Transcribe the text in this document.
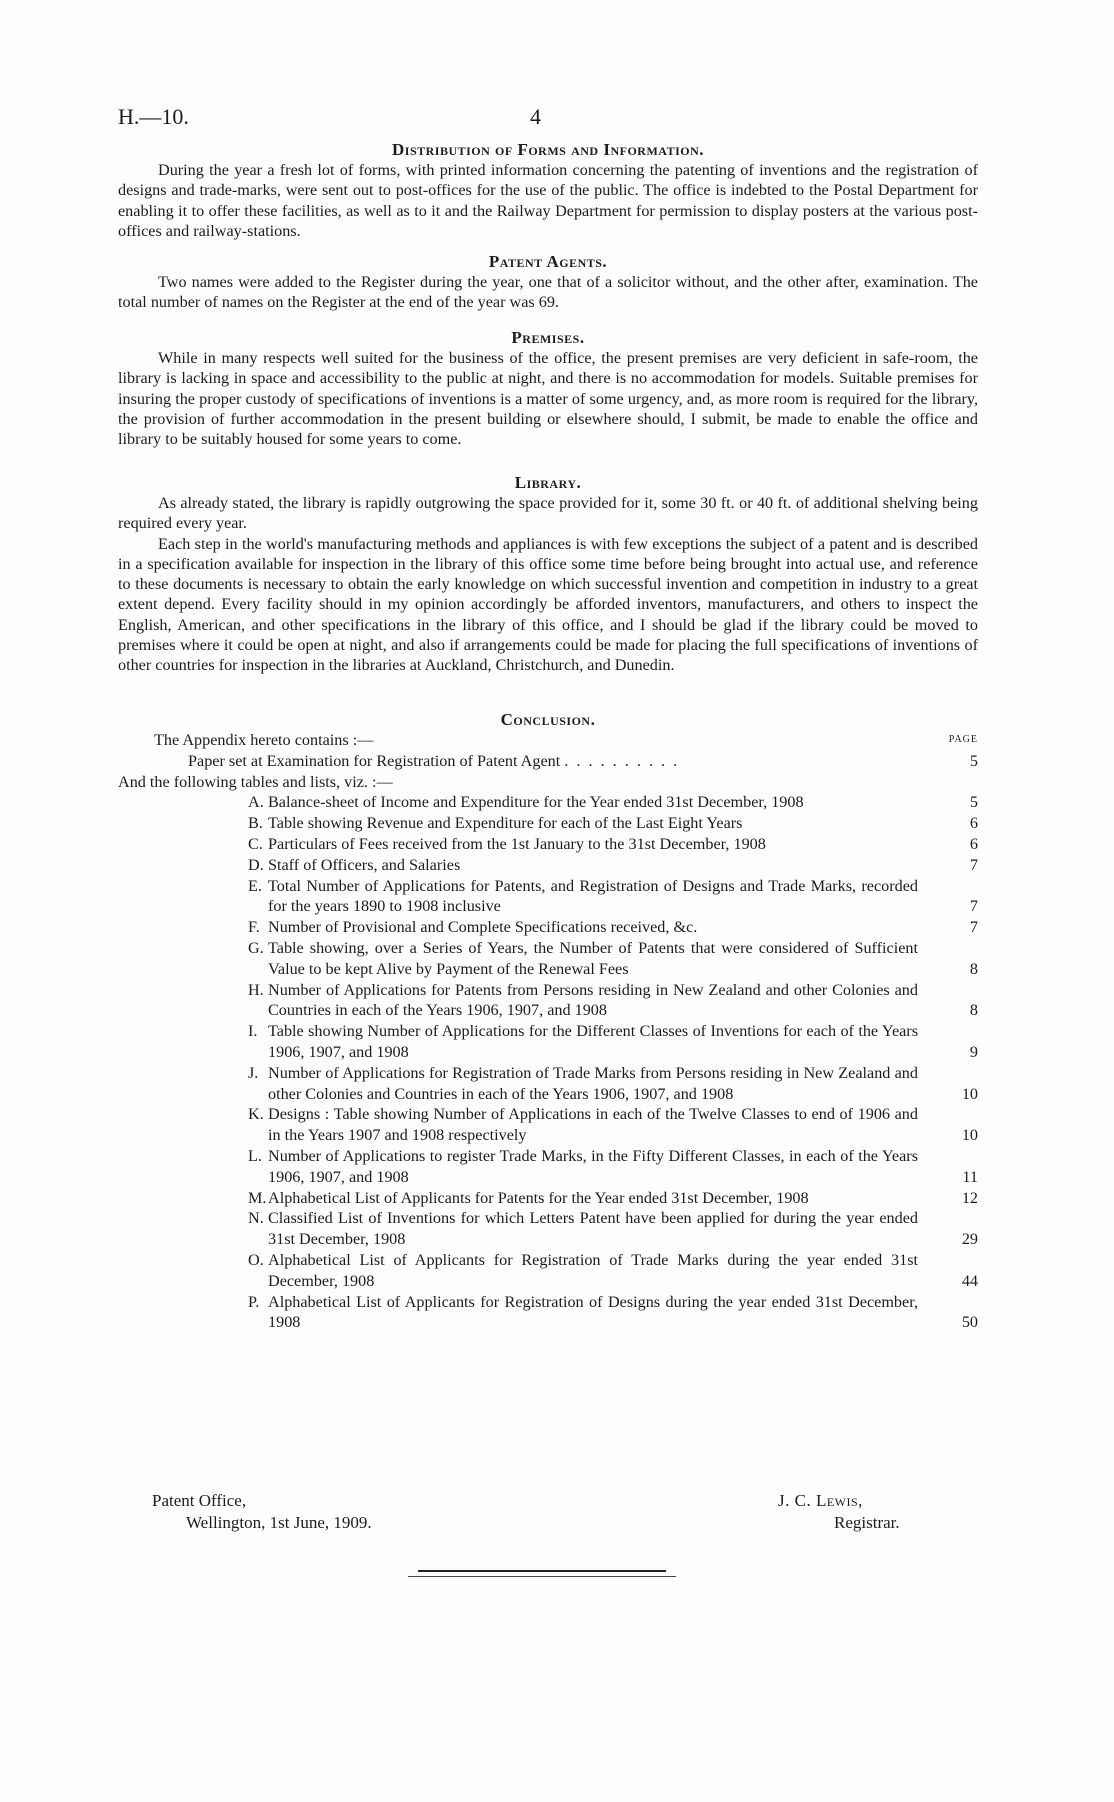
H.—10.	4
Distribution of Forms and Information.

During the year a fresh lot of forms, with printed information concerning the patenting of inventions and the registration of designs and trade-marks, were sent out to post-offices for the use of the public. The office is indebted to the Postal Department for enabling it to offer these facilities, as well as to it and the Railway Department for permission to display posters at the various post-offices and railway-stations.

Patent Agents.

Two names were added to the Register during the year, one that of a solicitor without, and the other after, examination. The total number of names on the Register at the end of the year was 69.

Premises.

While in many respects well suited for the business of the office, the present premises are very deficient in safe-room, the library is lacking in space and accessibility to the public at night, and there is no accommodation for models. Suitable premises for insuring the proper custody of specifications of inventions is a matter of some urgency, and, as more room is required for the library, the provision of further accommodation in the present building or elsewhere should, I submit, be made to enable the office and library to be suitably housed for some years to come.

Library.

As already stated, the library is rapidly outgrowing the space provided for it, some 30 ft. or 40 ft. of additional shelving being required every year.

Each step in the world's manufacturing methods and appliances is with few exceptions the subject of a patent and is described in a specification available for inspection in the library of this office some time before being brought into actual use, and reference to these documents is necessary to obtain the early knowledge on which successful invention and competition in industry to a great extent depend. Every facility should in my opinion accordingly be afforded inventors, manufacturers, and others to inspect the English, American, and other specifications in the library of this office, and I should be glad if the library could be moved to premises where it could be open at night, and also if arrangements could be made for placing the full specifications of inventions of other countries for inspection in the libraries at Auckland, Christchurch, and Dunedin.

Conclusion.
The Appendix hereto contains :—	PAGE
Paper set at Examination for Registration of Patent Agent . . . . . . . . . .	5
And the following tables and lists, viz. :—
A. Balance-sheet of Income and Expenditure for the Year ended 31st December, 1908	5
B. Table showing Revenue and Expenditure for each of the Last Eight Years	6
C. Particulars of Fees received from the 1st January to the 31st December, 1908	6
D. Staff of Officers, and Salaries	7
E. Total Number of Applications for Patents, and Registration of Designs and Trade Marks, recorded for the years 1890 to 1908 inclusive	7
F. Number of Provisional and Complete Specifications received, &c.	7
G. Table showing, over a Series of Years, the Number of Patents that were considered of Sufficient Value to be kept Alive by Payment of the Renewal Fees	8
H. Number of Applications for Patents from Persons residing in New Zealand and other Colonies and Countries in each of the Years 1906, 1907, and 1908	8
I. Table showing Number of Applications for the Different Classes of Inventions for each of the Years 1906, 1907, and 1908	9
J. Number of Applications for Registration of Trade Marks from Persons residing in New Zealand and other Colonies and Countries in each of the Years 1906, 1907, and 1908	10
K. Designs : Table showing Number of Applications in each of the Twelve Classes to end of 1906 and in the Years 1907 and 1908 respectively	10
L. Number of Applications to register Trade Marks, in the Fifty Different Classes, in each of the Years 1906, 1907, and 1908	11
M. Alphabetical List of Applicants for Patents for the Year ended 31st December, 1908	12
N. Classified List of Inventions for which Letters Patent have been applied for during the year ended 31st December, 1908	29
O. Alphabetical List of Applicants for Registration of Trade Marks during the year ended 31st December, 1908	44
P. Alphabetical List of Applicants for Registration of Designs during the year ended 31st December, 1908	50
Patent Office,
Wellington, 1st June, 1909.
J. C. Lewis,
Registrar.
